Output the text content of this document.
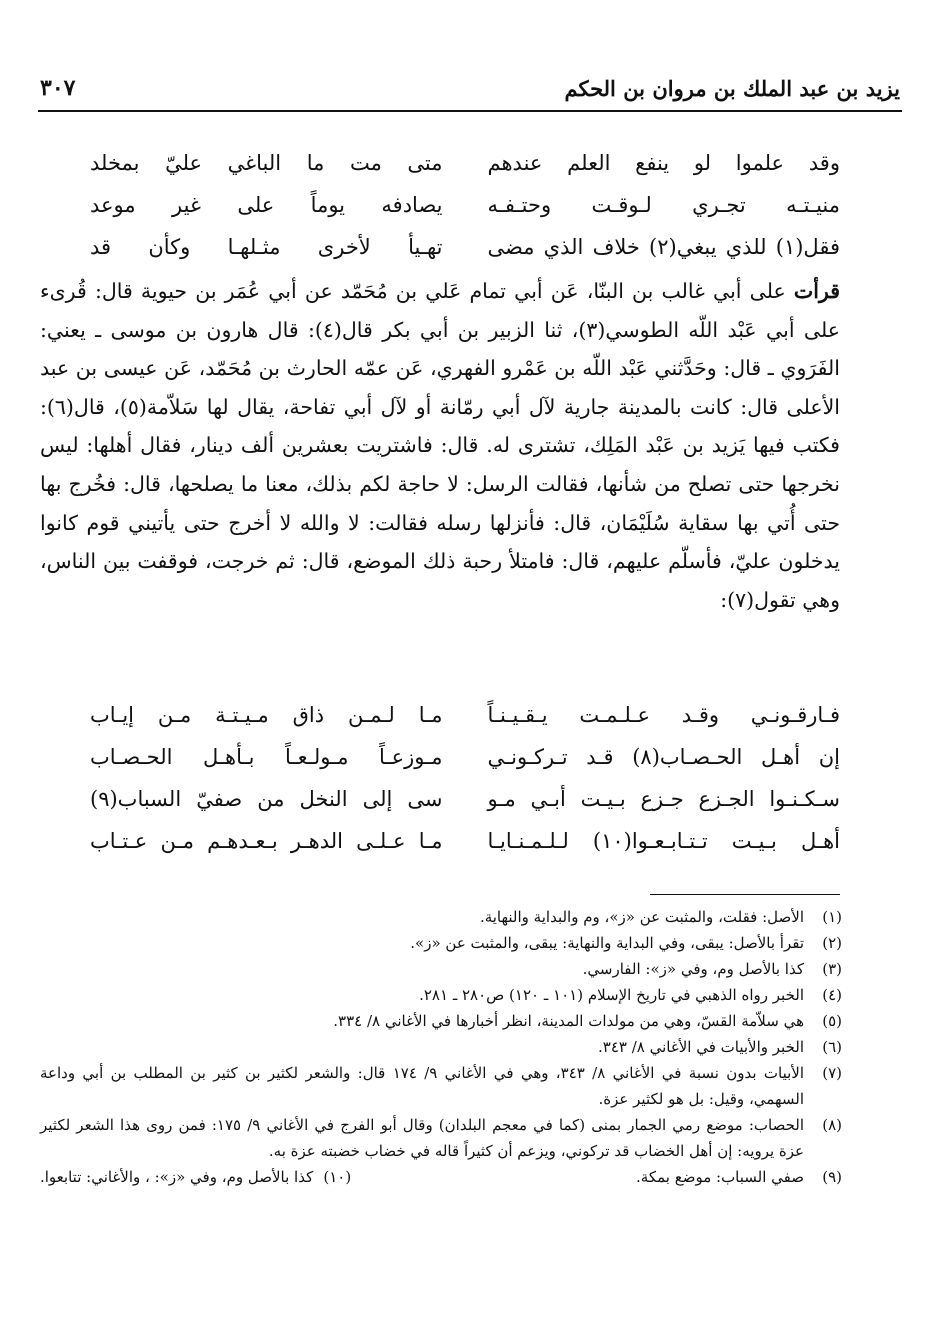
يزيد بن عبد الملك بن مروان بن الحكم
٣٠٧
وقد علموا لو ينفع العلم عندهم
متى مت ما الباغي عليّ بمخلد
منيـتـه تجـري لـوقـت وحتـفـه
يصادفه يوماً على غير موعد
فقل(١) للذي يبغي(٢) خلاف الذي مضى
تهـيأ لأخرى مثـلهـا وكأن قد
قرأت على أبي غالب بن البنّا، عَن أبي تمام عَلي بن مُحَمّد عن أبي عُمَر بن حيوية قال: قُرىء على أبي عَبْد اللّه الطوسي(٣)، ثنا الزبير بن أبي بكر قال(٤): قال هارون بن موسى ـ يعني: الفَرَوي ـ قال: وحَدَّثني عَبْد اللّه بن عَمْرو الفهري، عَن عمّه الحارث بن مُحَمّد، عَن عيسى بن عبد الأعلى قال: كانت بالمدينة جارية لآل أبي رمّانة أو لآل أبي تفاحة، يقال لها سَلاّمة(٥)، قال(٦): فكتب فيها يَزيد بن عَبْد المَلِك، تشترى له. قال: فاشتريت بعشرين ألف دينار، فقال أهلها: ليس نخرجها حتى تصلح من شأنها، فقالت الرسل: لا حاجة لكم بذلك، معنا ما يصلحها، قال: فخُرج بها حتى أُتي بها سقاية سُلَيْمَان، قال: فأنزلها رسله فقالت: لا والله لا أخرج حتى يأتيني قوم كانوا يدخلون عليّ، فأسلّم عليهم، قال: فامتلأ رحبة ذلك الموضع، قال: ثم خرجت، فوقفت بين الناس، وهي تقول(٧):
فـارقـونـي وقـد عـلـمـت يـقـيـنـاً
مـا لـمـن ذاق مـيـتـة مـن إيـاب
إن أهـل الحـصـاب(٨) قـد تـركـونـي
مـوزعـاً مـولـعـاً بـأهـل الحـصـاب
سـكـنـوا الجـزع جـزع بـيـت أبـي مـو
سى إلى النخل من صفيّ السباب(٩)
أهـل بـيـت تـتـابـعـوا(١٠) لـلـمـنـايـا
مـا عـلـى الدهـر بـعـدهـم مـن عـتـاب
(١)
الأصل: فقلت، والمثبت عن «ز»، وم والبداية والنهاية.
(٢)
تقرأ بالأصل: يبقى، وفي البداية والنهاية: يبقى، والمثبت عن «ز».
(٣)
كذا بالأصل وم، وفي «ز»: الفارسي.
(٤)
الخبر رواه الذهبي في تاريخ الإسلام (١٠١ ـ ١٢٠) ص٢٨٠ ـ ٢٨١.
(٥)
هي سلاّمة القسّ، وهي من مولدات المدينة، انظر أخبارها في الأغاني ٨/ ٣٣٤.
(٦)
الخبر والأبيات في الأغاني ٨/ ٣٤٣.
(٧)
الأبيات بدون نسبة في الأغاني ٨/ ٣٤٣، وهي في الأغاني ٩/ ١٧٤ قال: والشعر لكثير بن كثير بن المطلب بن أبي وداعة السهمي، وقيل: بل هو لكثير عزة.
(٨)
الحصاب: موضع رمي الجمار بمنى (كما في معجم البلدان) وقال أبو الفرج في الأغاني ٩/ ١٧٥: فمن روى هذا الشعر لكثير عزة يرويه: إن أهل الخضاب قد تركوني، ويزعم أن كثيراً قاله في خضاب خضبته عزة به.
(٩)
صفي السباب: موضع بمكة.
(١٠)
كذا بالأصل وم، وفي «ز»: ، والأغاني: تتابعوا.
